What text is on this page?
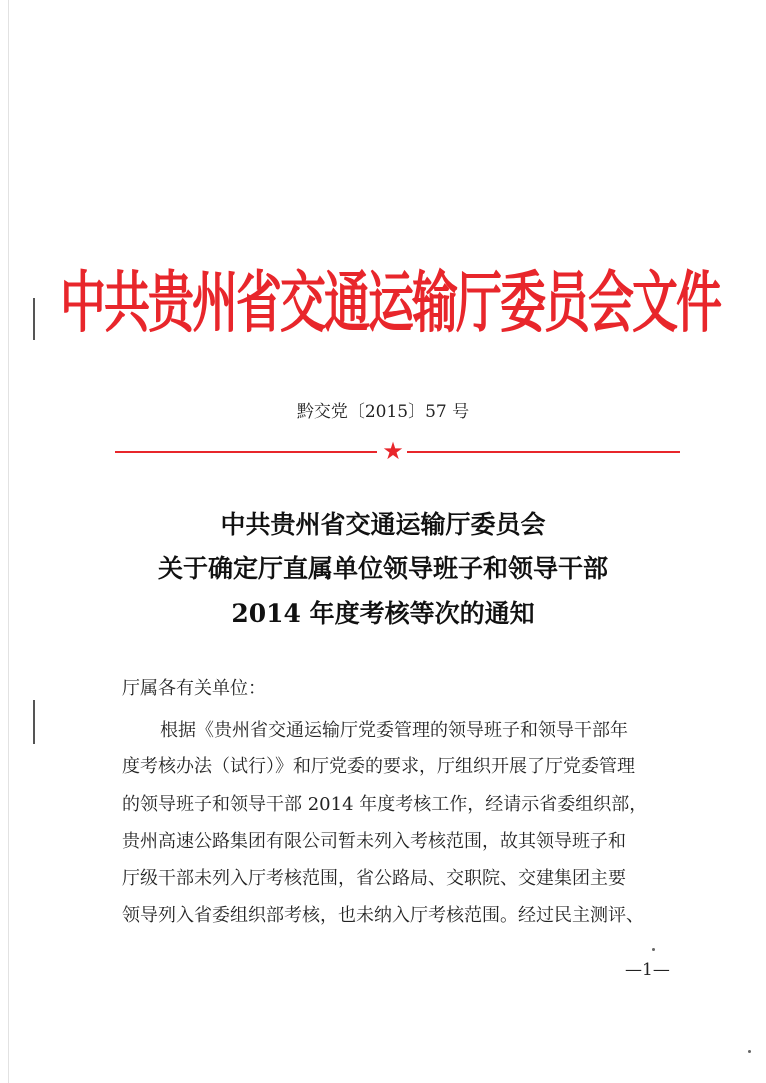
中共贵州省交通运输厅委员会文件
黔交党〔2015〕57 号
★
中共贵州省交通运输厅委员会
关于确定厅直属单位领导班子和领导干部
2014 年度考核等次的通知
厅属各有关单位：
根据《贵州省交通运输厅党委管理的领导班子和领导干部年
度考核办法（试行）》和厅党委的要求，厅组织开展了厅党委管理
的领导班子和领导干部 2014 年度考核工作，经请示省委组织部，
贵州高速公路集团有限公司暂未列入考核范围，故其领导班子和
厅级干部未列入厅考核范围，省公路局、交职院、交建集团主要
领导列入省委组织部考核，也未纳入厅考核范围。经过民主测评、
—1—
